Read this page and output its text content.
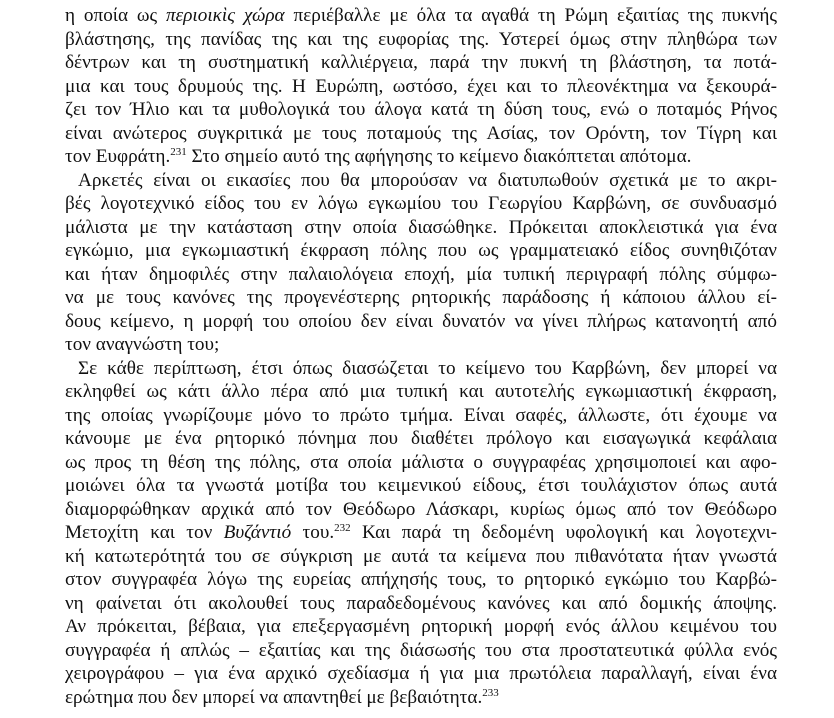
η οποία ως περιοικὶς χώρα περιέβαλλε με όλα τα αγαθά τη Ρώμη εξαιτίας της πυκνής
βλάστησης, της πανίδας της και της ευφορίας της. Υστερεί όμως στην πληθώρα των
δέντρων και τη συστηματική καλλιέργεια, παρά την πυκνή τη βλάστηση, τα ποτά-
μια και τους δρυμούς της. Η Ευρώπη, ωστόσο, έχει και το πλεονέκτημα να ξεκουρά-
ζει τον Ήλιο και τα μυθολογικά του άλογα κατά τη δύση τους, ενώ ο ποταμός Ρήνος
είναι ανώτερος συγκριτικά με τους ποταμούς της Ασίας, τον Ορόντη, τον Τίγρη και
τον Ευφράτη.$^{231}$ Στο σημείο αυτό της αφήγησης το κείμενο διακόπτεται απότομα.
Αρκετές είναι οι εικασίες που θα μπορούσαν να διατυπωθούν σχετικά με το ακρι-
βές λογοτεχνικό είδος του εν λόγω εγκωμίου του Γεωργίου Καρβώνη, σε συνδυασμό
μάλιστα με την κατάσταση στην οποία διασώθηκε. Πρόκειται αποκλειστικά για ένα
εγκώμιο, μια εγκωμιαστική έκφραση πόλης που ως γραμματειακό είδος συνηθιζόταν
και ήταν δημοφιλές στην παλαιολόγεια εποχή, μία τυπική περιγραφή πόλης σύμφω-
να με τους κανόνες της προγενέστερης ρητορικής παράδοσης ή κάποιου άλλου εί-
δους κείμενο, η μορφή του οποίου δεν είναι δυνατόν να γίνει πλήρως κατανοητή από
τον αναγνώστη του;
Σε κάθε περίπτωση, έτσι όπως διασώζεται το κείμενο του Καρβώνη, δεν μπορεί να
εκληφθεί ως κάτι άλλο πέρα από μια τυπική και αυτοτελής εγκωμιαστική έκφραση,
της οποίας γνωρίζουμε μόνο το πρώτο τμήμα. Είναι σαφές, άλλωστε, ότι έχουμε να
κάνουμε με ένα ρητορικό πόνημα που διαθέτει πρόλογο και εισαγωγικά κεφάλαια
ως προς τη θέση της πόλης, στα οποία μάλιστα ο συγγραφέας χρησιμοποιεί και αφο-
μοιώνει όλα τα γνωστά μοτίβα του κειμενικού είδους, έτσι τουλάχιστον όπως αυτά
διαμορφώθηκαν αρχικά από τον Θεόδωρο Λάσκαρι, κυρίως όμως από τον Θεόδωρο
Μετοχίτη και τον Βυζάντιό του.$^{232}$ Και παρά τη δεδομένη υφολογική και λογοτεχνι-
κή κατωτερότητά του σε σύγκριση με αυτά τα κείμενα που πιθανότατα ήταν γνωστά
στον συγγραφέα λόγω της ευρείας απήχησής τους, το ρητορικό εγκώμιο του Καρβώ-
νη φαίνεται ότι ακολουθεί τους παραδεδομένους κανόνες και από δομικής άποψης.
Αν πρόκειται, βέβαια, για επεξεργασμένη ρητορική μορφή ενός άλλου κειμένου του
συγγραφέα ή απλώς – εξαιτίας και της διάσωσής του στα προστατευτικά φύλλα ενός
χειρογράφου – για ένα αρχικό σχεδίασμα ή για μια πρωτόλεια παραλλαγή, είναι ένα
ερώτημα που δεν μπορεί να απαντηθεί με βεβαιότητα.$^{233}$
